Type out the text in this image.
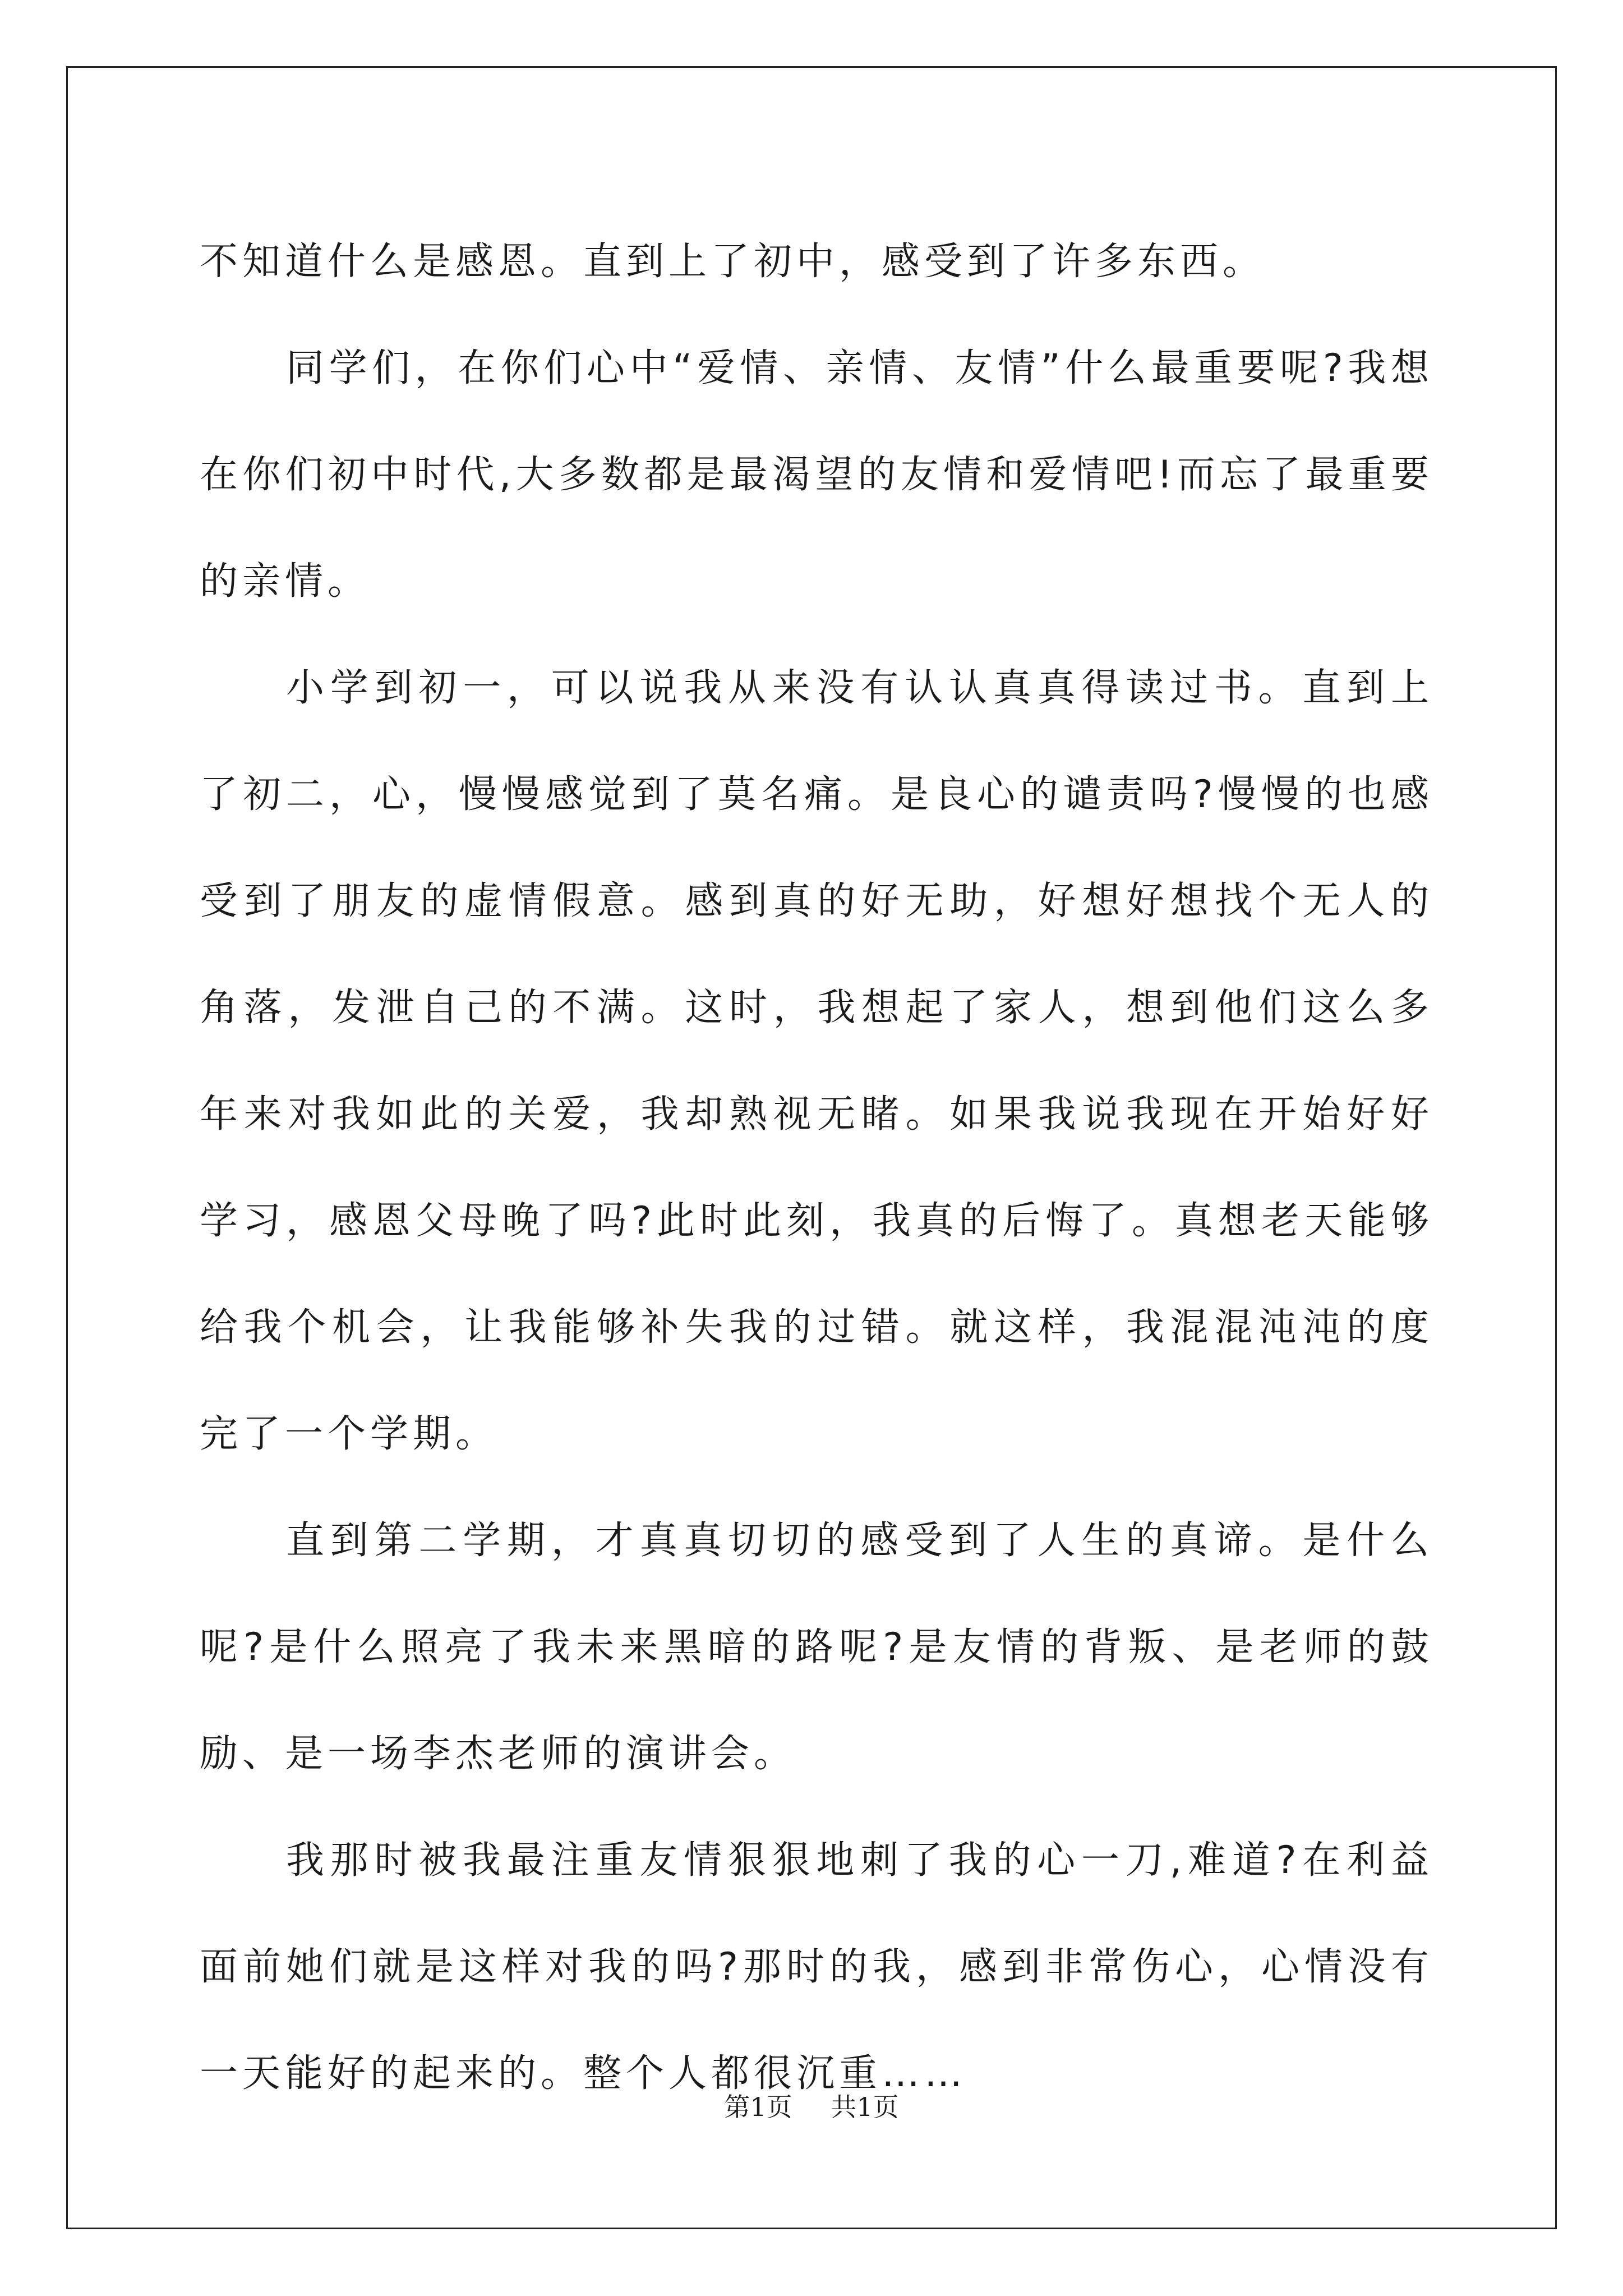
不知道什么是感恩。直到上了初中，感受到了许多东西。

同学们，在你们心中“爱情、亲情、友情”什么最重要呢?我想在你们初中时代,大多数都是最渴望的友情和爱情吧!而忘了最重要的亲情。

小学到初一，可以说我从来没有认认真真得读过书。直到上了初二，心，慢慢感觉到了莫名痛。是良心的谴责吗?慢慢的也感受到了朋友的虚情假意。感到真的好无助，好想好想找个无人的角落，发泄自己的不满。这时，我想起了家人，想到他们这么多年来对我如此的关爱，我却熟视无睹。如果我说我现在开始好好学习，感恩父母晚了吗?此时此刻，我真的后悔了。真想老天能够给我个机会，让我能够补失我的过错。就这样，我混混沌沌的度完了一个学期。

直到第二学期，才真真切切的感受到了人生的真谛。是什么呢?是什么照亮了我未来黑暗的路呢?是友情的背叛、是老师的鼓励、是一场李杰老师的演讲会。

我那时被我最注重友情狠狠地刺了我的心一刀,难道?在利益面前她们就是这样对我的吗?那时的我，感到非常伤心，心情没有一天能好的起来的。整个人都很沉重……

第1页 共1页
